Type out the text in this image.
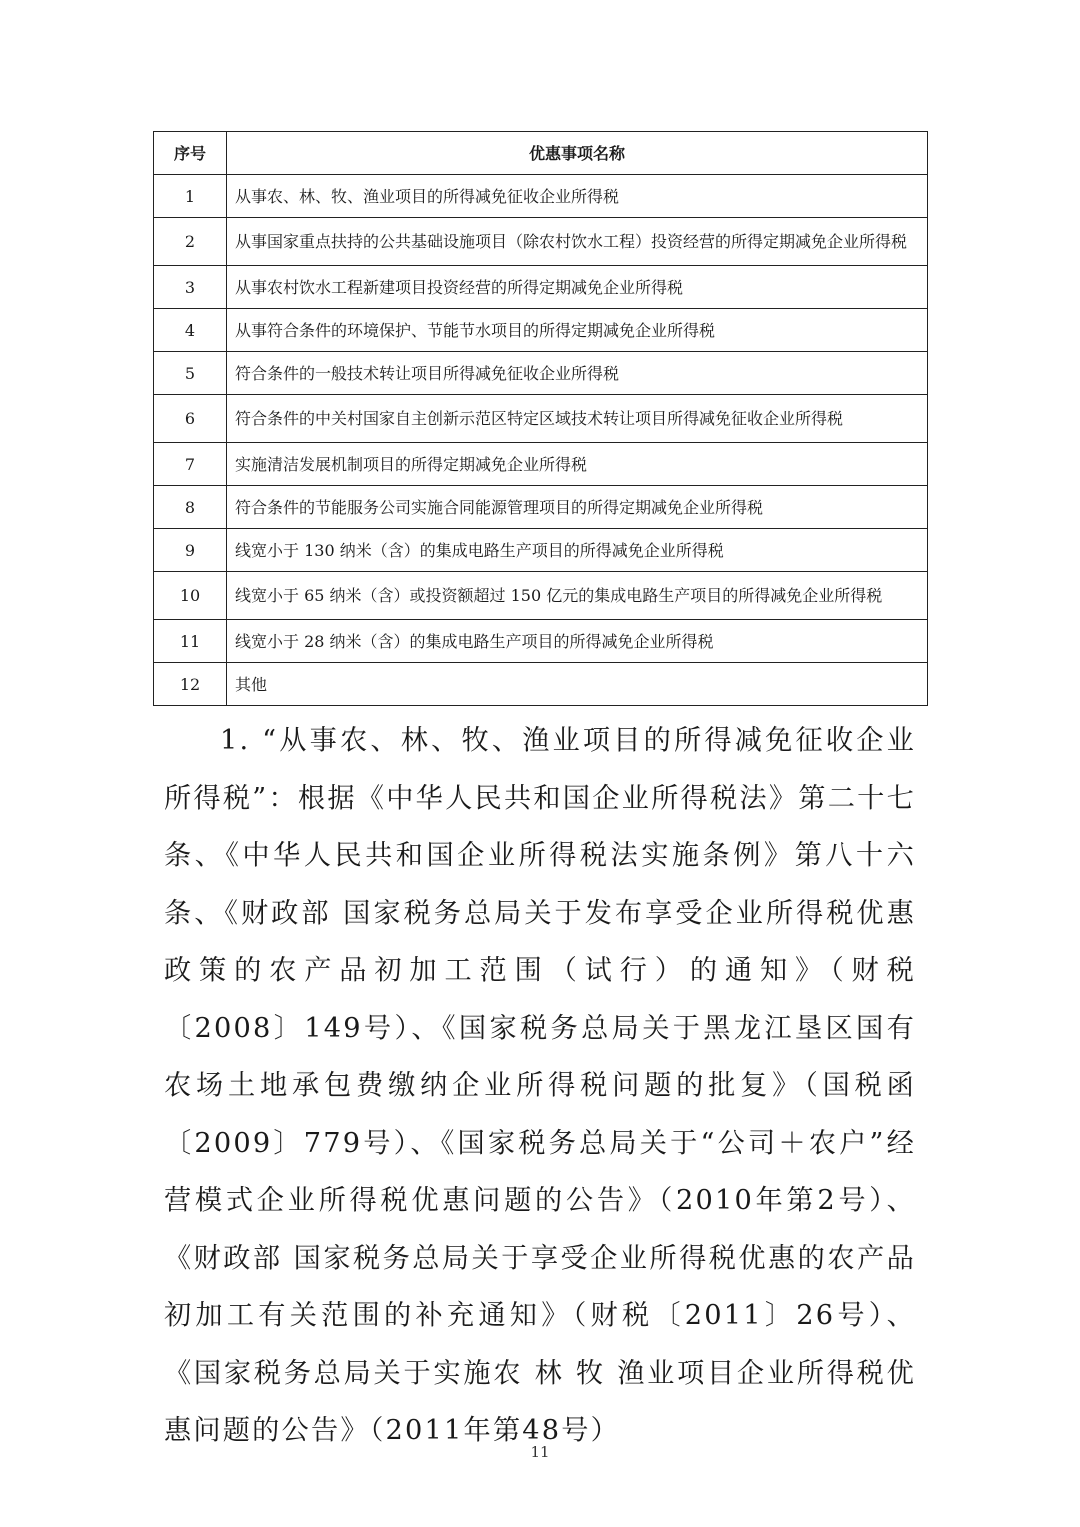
序号	优惠事项名称
1	从事农、林、牧、渔业项目的所得减免征收企业所得税
2	从事国家重点扶持的公共基础设施项目（除农村饮水工程）投资经营的所得定期减免企业所得税
3	从事农村饮水工程新建项目投资经营的所得定期减免企业所得税
4	从事符合条件的环境保护、节能节水项目的所得定期减免企业所得税
5	符合条件的一般技术转让项目所得减免征收企业所得税
6	符合条件的中关村国家自主创新示范区特定区域技术转让项目所得减免征收企业所得税
7	实施清洁发展机制项目的所得定期减免企业所得税
8	符合条件的节能服务公司实施合同能源管理项目的所得定期减免企业所得税
9	线宽小于 130 纳米（含）的集成电路生产项目的所得减免企业所得税
10	线宽小于 65 纳米（含）或投资额超过 150 亿元的集成电路生产项目的所得减免企业所得税
11	线宽小于 28 纳米（含）的集成电路生产项目的所得减免企业所得税
12	其他

1. “从事农、林、牧、渔业项目的所得减免征收企业所得税”：根据《中华人民共和国企业所得税法》第二十七条、《中华人民共和国企业所得税法实施条例》第八十六条、《财政部 国家税务总局关于发布享受企业所得税优惠政策的农产品初加工范围（试行）的通知》（财税〔2008〕149号）、《国家税务总局关于黑龙江垦区国有农场土地承包费缴纳企业所得税问题的批复》（国税函〔2009〕779号）、《国家税务总局关于“公司＋农户”经营模式企业所得税优惠问题的公告》（2010年第2号）、《财政部 国家税务总局关于享受企业所得税优惠的农产品初加工有关范围的补充通知》（财税〔2011〕26号）、《国家税务总局关于实施农 林 牧 渔业项目企业所得税优惠问题的公告》（2011年第48号）

11
